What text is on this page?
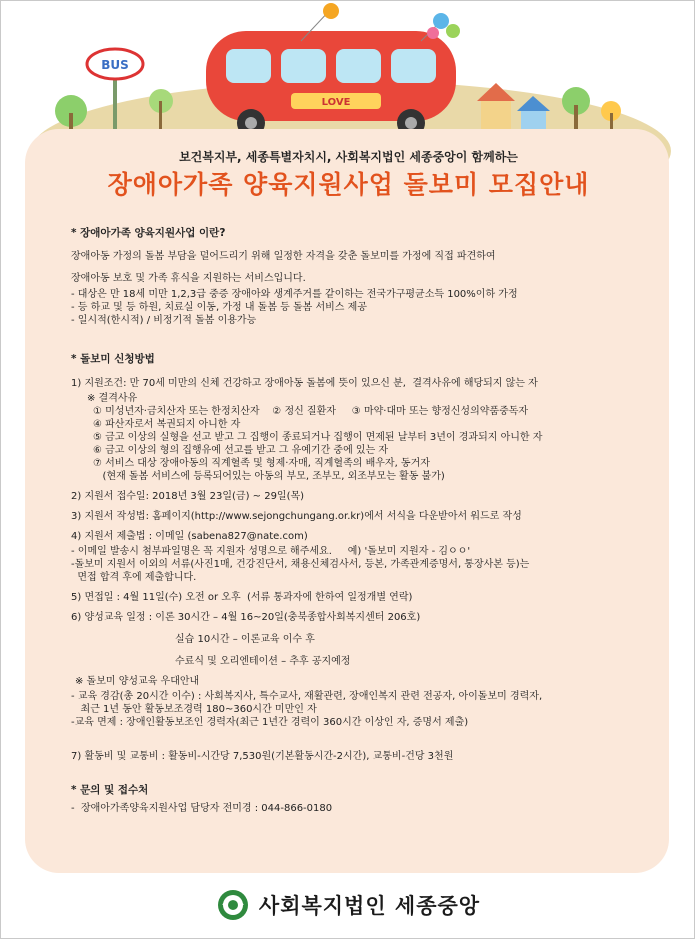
BUS
LOVE
보건복지부, 세종특별자치시, 사회복지법인 세종중앙이 함께하는
장애아가족 양육지원사업 돌보미 모집안내

* 장애아가족 양육지원사업 이란?

장애아동 가정의 돌봄 부담을 덜어드리기 위해 일정한 자격을 갖춘 돌보미를 가정에 직접 파견하여

장애아동 보호 및 가족 휴식을 지원하는 서비스입니다.

- 대상은 만 18세 미만 1,2,3급 중증 장애아와 생계주거를 같이하는 전국가구평균소득 100%이하 가정

- 등 하교 및 등 하원, 치료실 이동, 가정 내 돌봄 등 돌봄 서비스 제공

- 일시적(한시적) / 비정기적 돌봄 이용가능

* 돌보미 신청방법

1) 지원조건: 만 70세 미만의 신체 건강하고 장애아동 돌봄에 뜻이 있으신 분,  결격사유에 해당되지 않는 자

※ 결격사유

① 미성년자·금치산자 또는 한정치산자    ② 정신 질환자     ③ 마약·대마 또는 향정신성의약품중독자

④ 파산자로서 복권되지 아니한 자

⑤ 금고 이상의 실형을 선고 받고 그 집행이 종료되거나 집행이 면제된 날부터 3년이 경과되지 아니한 자

⑥ 금고 이상의 형의 집행유예 선고를 받고 그 유예기간 중에 있는 자

⑦ 서비스 대상 장애아동의 직계혈족 및 형제·자매, 직계혈족의 배우자, 동거자

(현재 돌봄 서비스에 등록되어있는 아동의 부모, 조부모, 외조부모는 활동 불가)

2) 지원서 접수일: 2018년 3월 23일(금) ~ 29일(목)

3) 지원서 작성법: 홈페이지(http://www.sejongchungang.or.kr)에서 서식을 다운받아서 워드로 작성

4) 지원서 제출법 : 이메일 (sabena827@nate.com)

- 이메일 발송시 첨부파일명은 꼭 지원자 성명으로 해주세요.     예) '돌보미 지원자 - 김ㅇㅇ'

-돌보미 지원서 이외의 서류(사진1매, 건강진단서, 채용신체검사서, 등본, 가족관계증명서, 통장사본 등)는

면접 합격 후에 제출합니다.

5) 면접일 : 4월 11일(수) 오전 or 오후  (서류 통과자에 한하여 일정개별 연락)

6) 양성교육 일정 : 이론 30시간 – 4월 16~20일(충북종합사회복지센터 206호)

실습 10시간 – 이론교육 이수 후

수료식 및 오리엔테이션 – 추후 공지예정

※ 돌보미 양성교육 우대안내

- 교육 경감(총 20시간 이수) : 사회복지사, 특수교사, 재활관련, 장애인복지 관련 전공자, 아이돌보미 경력자,

최근 1년 동안 활동보조경력 180~360시간 미만인 자

-교육 면제 : 장애인활동보조인 경력자(최근 1년간 경력이 360시간 이상인 자, 증명서 제출)

7) 활동비 및 교통비 : 활동비-시간당 7,530원(기본활동시간-2시간), 교통비-건당 3천원

* 문의 및 접수처

-  장애아가족양육지원사업 담당자 전미경 : 044-866-0180

사회복지법인 세종중앙
